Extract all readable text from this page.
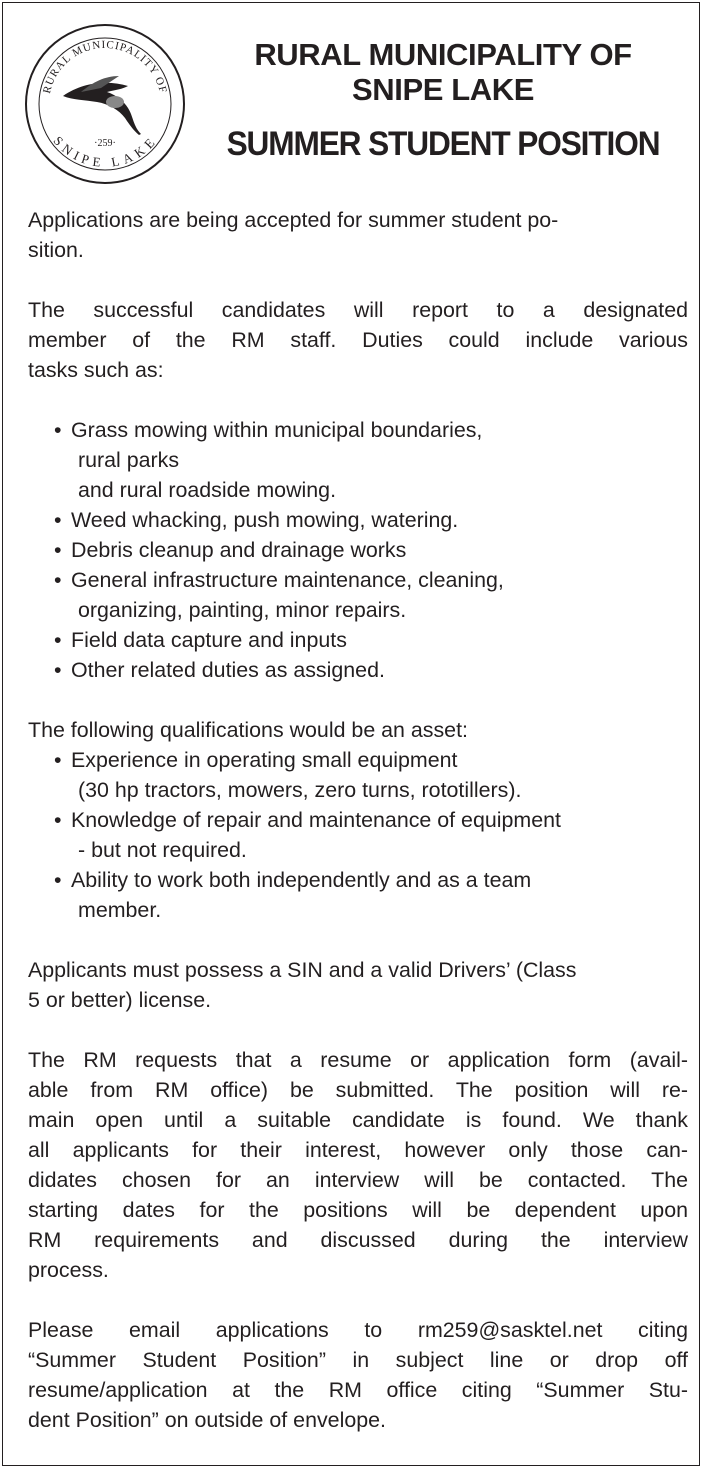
RURAL MUNICIPALITY OF
SNIPE LAKE
·259·
RURAL MUNICIPALITY OF
SNIPE LAKE
SUMMER STUDENT POSITION

Applications are being accepted for summer student po-
sition.

The successful candidates will report to a designated
member of the RM staff. Duties could include various
tasks such as:

• Grass mowing within municipal boundaries,
rural parks
and rural roadside mowing.
• Weed whacking, push mowing, watering.
• Debris cleanup and drainage works
• General infrastructure maintenance, cleaning,
organizing, painting, minor repairs.
• Field data capture and inputs
• Other related duties as assigned.

The following qualifications would be an asset:

• Experience in operating small equipment
(30 hp tractors, mowers, zero turns, rototillers).
• Knowledge of repair and maintenance of equipment
- but not required.
• Ability to work both independently and as a team
member.

Applicants must possess a SIN and a valid Drivers’ (Class
5 or better) license.

The RM requests that a resume or application form (avail-
able from RM office) be submitted. The position will re-
main open until a suitable candidate is found. We thank
all applicants for their interest, however only those can-
didates chosen for an interview will be contacted. The
starting dates for the positions will be dependent upon
RM requirements and discussed during the interview
process.

Please email applications to rm259@sasktel.net citing
“Summer Student Position” in subject line or drop off
resume/application at the RM office citing “Summer Stu-
dent Position” on outside of envelope.
